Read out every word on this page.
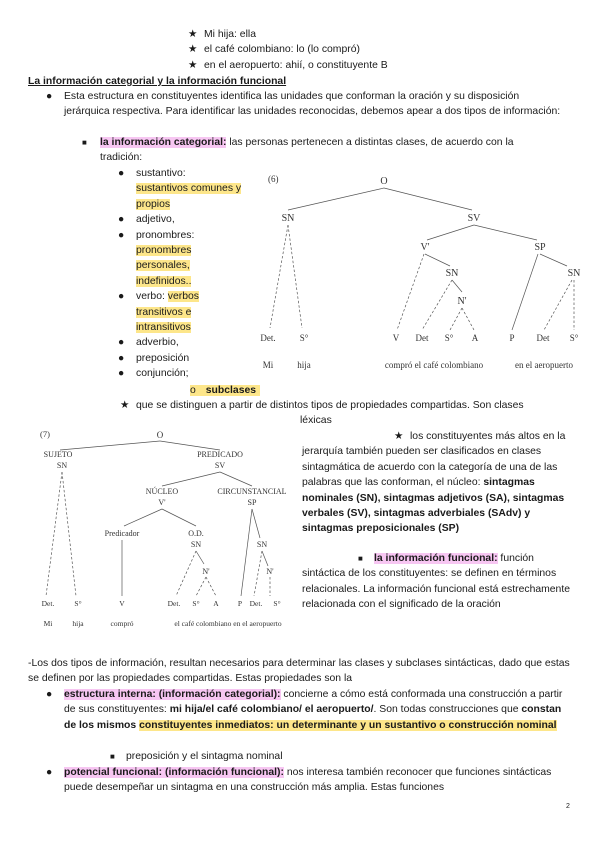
★ Mi hija: ella
★ el café colombiano: lo (lo compró)
★ en el aeropuerto: ahií, o constituyente B
La información categorial y la información funcional
● Esta estructura en constituyentes identifica las unidades que conforman la oración y su disposición jerárquica respectiva. Para identificar las unidades reconocidas, debemos apear a dos tipos de información:
■ la información categorial: las personas pertenecen a distintas clases, de acuerdo con la tradición:
● sustantivo:
sustantivos comunes y propios
● adjetivo,
● pronombres:
pronombres personales, indefinidos..
● verbo: verbos transitivos e intransitivos
● adverbio,
● preposición
● conjunción;
(6)	O
SN	SV
V'	SP
SN
N'
SN
Det.	S°	V Det S° A	P Det S°
Mi	hija	compró el café colombiano	en el aeropuerto
o subclases
★ que se distinguen a partir de distintos tipos de propiedades compartidas. Son clases
léxicas
(7)	O
SUJETO
SN
PREDICADO
SV
NÚCLEO
V'
CIRCUNSTANCIAL
SP
Predicador	O.D.
SN
N'
SN
N'
Det.	S°	V	Det. S° A	P Det. S°
Mi	hija	compró	el café colombiano en el aeropuerto
★ los constituyentes más altos en la jerarquía también pueden ser clasificados en clases sintagmática de acuerdo con la categoría de una de las palabras que las conforman, el núcleo: sintagmas nominales (SN), sintagmas adjetivos (SA), sintagmas verbales (SV), sintagmas adverbiales (SAdv) y sintagmas preposicionales (SP)
■ la información funcional: función sintáctica de los constituyentes: se definen en términos relacionales. La información funcional está estrechamente relacionada con el significado de la oración
-Los dos tipos de información, resultan necesarios para determinar las clases y subclases sintácticas, dado que estas se definen por las propiedades compartidas. Estas propiedades son la
● estructura interna: (información categorial): concierne a cómo está conformada una construcción a partir de sus constituyentes: mi hija/el café colombiano/ el aeropuerto/. Son todas construcciones que constan de los mismos constituyentes inmediatos: un determinante y un sustantivo o construcción nominal
■ preposición y el sintagma nominal
● potencial funcional: (información funcional): nos interesa también reconocer que funciones sintácticas puede desempeñar un sintagma en una construcción más amplia. Estas funciones
2
